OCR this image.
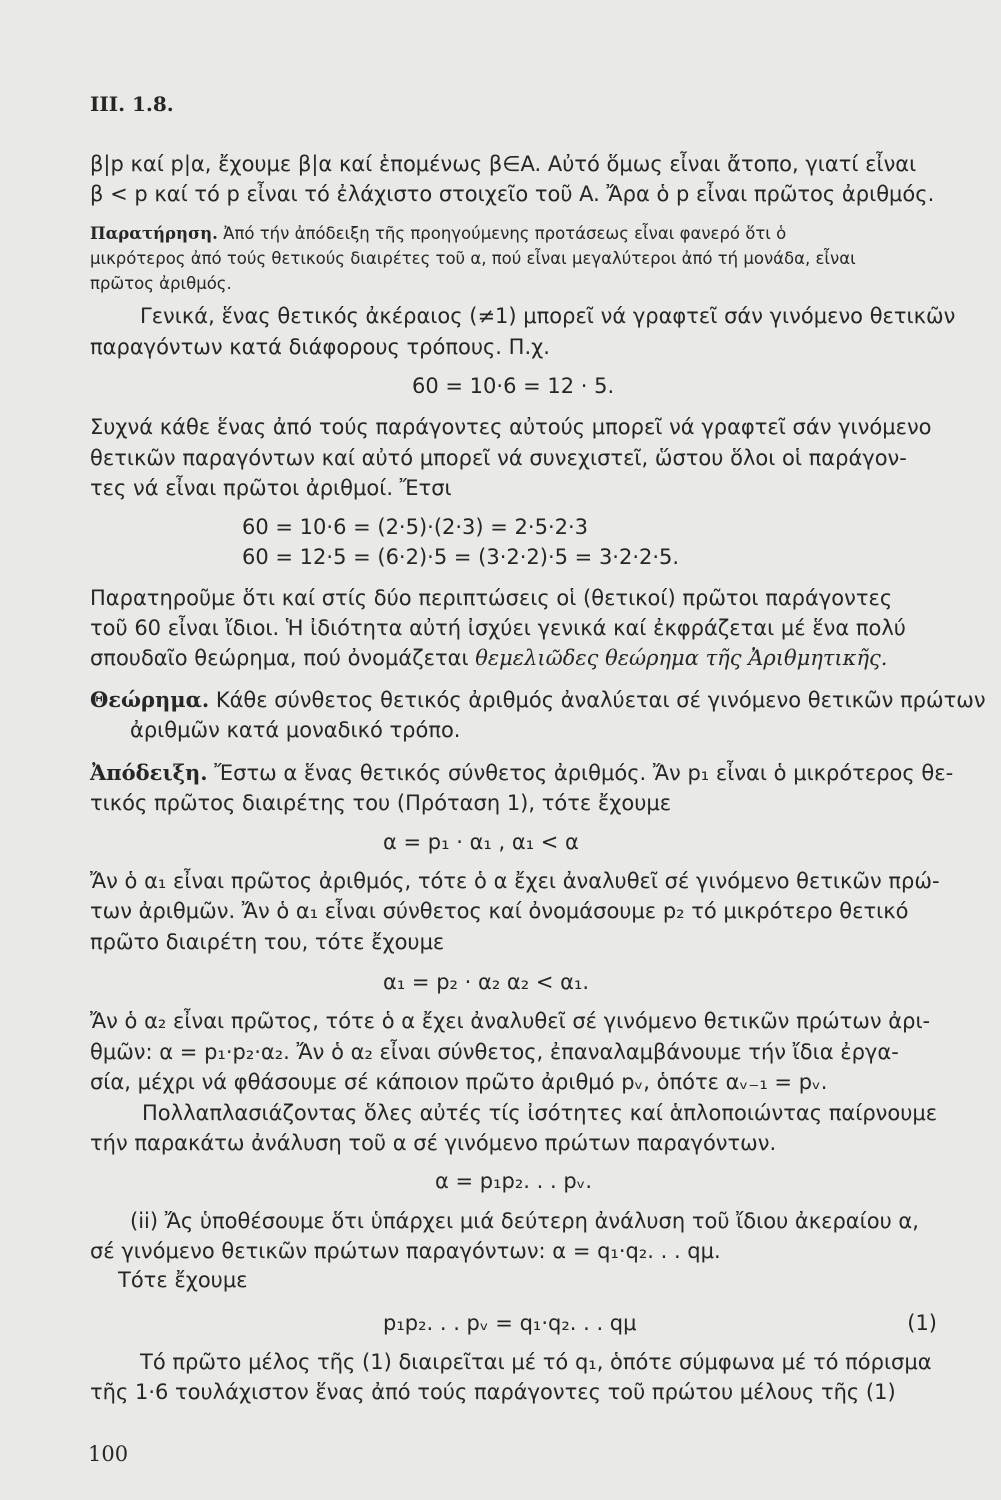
III. 1.8.
β|p καί p|α, ἔχουμε β|α καί ἑπομένως β∈A. Αὐτό ὅμως εἶναι ἄτοπο, γιατί εἶναι
β < p καί τό p εἶναι τό ἐλάχιστο στοιχεῖο τοῦ A. Ἄρα ὁ p εἶναι πρῶτος ἀριθμός.
Παρατήρηση. Ἀπό τήν ἀπόδειξη τῆς προηγούμενης προτάσεως εἶναι φανερό ὅτι ὁ
μικρότερος ἀπό τούς θετικούς διαιρέτες τοῦ α, πού εἶναι μεγαλύτεροι ἀπό τή μονάδα, εἶναι
πρῶτος ἀριθμός.
Γενικά, ἕνας θετικός ἀκέραιος (≠1) μπορεῖ νά γραφτεῖ σάν γινόμενο θετικῶν
παραγόντων κατά διάφορους τρόπους. Π.χ.
60 = 10·6 = 12 · 5.
Συχνά κάθε ἕνας ἀπό τούς παράγοντες αὐτούς μπορεῖ νά γραφτεῖ σάν γινόμενο
θετικῶν παραγόντων καί αὐτό μπορεῖ νά συνεχιστεῖ, ὥστου ὅλοι οἱ παράγον-
τες νά εἶναι πρῶτοι ἀριθμοί. Ἔτσι
60 = 10·6 = (2·5)·(2·3) = 2·5·2·3
60 = 12·5 = (6·2)·5 = (3·2·2)·5 = 3·2·2·5.
Παρατηροῦμε ὅτι καί στίς δύο περιπτώσεις οἱ (θετικοί) πρῶτοι παράγοντες
τοῦ 60 εἶναι ἴδιοι. Ἡ ἰδιότητα αὐτή ἰσχύει γενικά καί ἐκφράζεται μέ ἕνα πολύ
σπουδαῖο θεώρημα, πού ὀνομάζεται θεμελιῶδες θεώρημα τῆς Ἀριθμητικῆς.
Θεώρημα. Κάθε σύνθετος θετικός ἀριθμός ἀναλύεται σέ γινόμενο θετικῶν πρώτων
ἀριθμῶν κατά μοναδικό τρόπο.
Ἀπόδειξη. Ἔστω α ἕνας θετικός σύνθετος ἀριθμός. Ἄν p₁ εἶναι ὁ μικρότερος θε-
τικός πρῶτος διαιρέτης του (Πρόταση 1), τότε ἔχουμε
α = p₁ · α₁ , α₁ < α
Ἄν ὁ α₁ εἶναι πρῶτος ἀριθμός, τότε ὁ α ἔχει ἀναλυθεῖ σέ γινόμενο θετικῶν πρώ-
των ἀριθμῶν. Ἄν ὁ α₁ εἶναι σύνθετος καί ὀνομάσουμε p₂ τό μικρότερο θετικό
πρῶτο διαιρέτη του, τότε ἔχουμε
α₁ = p₂ · α₂ α₂ < α₁.
Ἄν ὁ α₂ εἶναι πρῶτος, τότε ὁ α ἔχει ἀναλυθεῖ σέ γινόμενο θετικῶν πρώτων ἀρι-
θμῶν: α = p₁·p₂·α₂. Ἄν ὁ α₂ εἶναι σύνθετος, ἐπαναλαμβάνουμε τήν ἴδια ἐργα-
σία, μέχρι νά φθάσουμε σέ κάποιον πρῶτο ἀριθμό pᵥ, ὁπότε αᵥ₋₁ = pᵥ.
Πολλαπλασιάζοντας ὅλες αὐτές τίς ἰσότητες καί ἁπλοποιώντας παίρνουμε
τήν παρακάτω ἀνάλυση τοῦ α σέ γινόμενο πρώτων παραγόντων.
α = p₁p₂. . . pᵥ.
(ii) Ἄς ὑποθέσουμε ὅτι ὑπάρχει μιά δεύτερη ἀνάλυση τοῦ ἴδιου ἀκεραίου α,
σέ γινόμενο θετικῶν πρώτων παραγόντων: α = q₁·q₂. . . qμ.
Τότε ἔχουμε
p₁p₂. . . pᵥ = q₁·q₂. . . qμ	(1)
Τό πρῶτο μέλος τῆς (1) διαιρεῖται μέ τό q₁, ὁπότε σύμφωνα μέ τό πόρισμα
τῆς 1·6 τουλάχιστον ἕνας ἀπό τούς παράγοντες τοῦ πρώτου μέλους τῆς (1)
100
